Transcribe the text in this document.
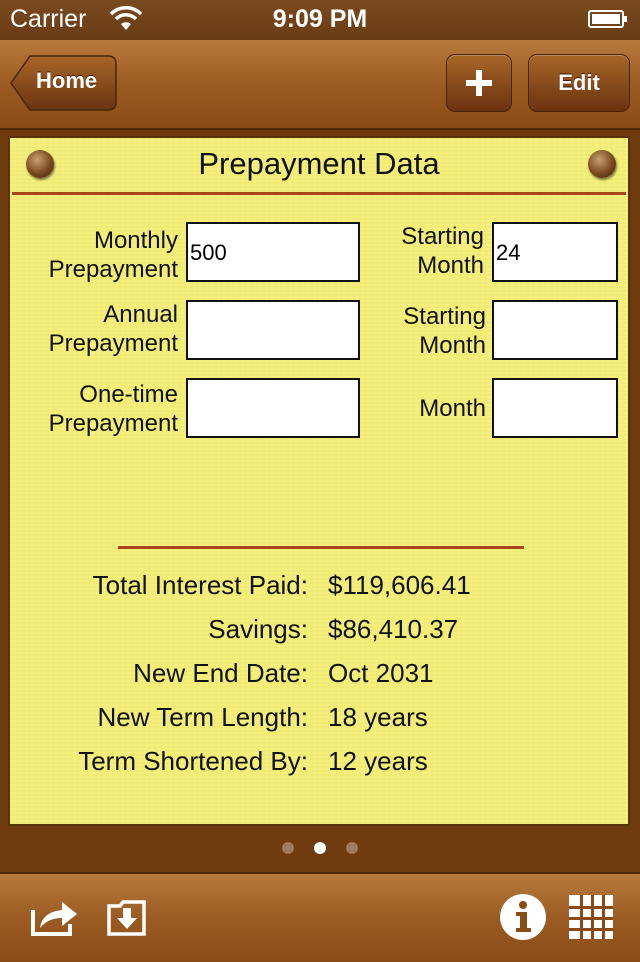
Carrier	9:09 PM
Home	Edit
Prepayment Data
Monthly
Prepayment
500
Starting
Month 24
Annual
Prepayment
Starting
Month
One-time
Prepayment
Month
Total Interest Paid: $119,606.41
Savings: $86,410.37
New End Date: Oct 2031
New Term Length: 18 years
Term Shortened By: 12 years
